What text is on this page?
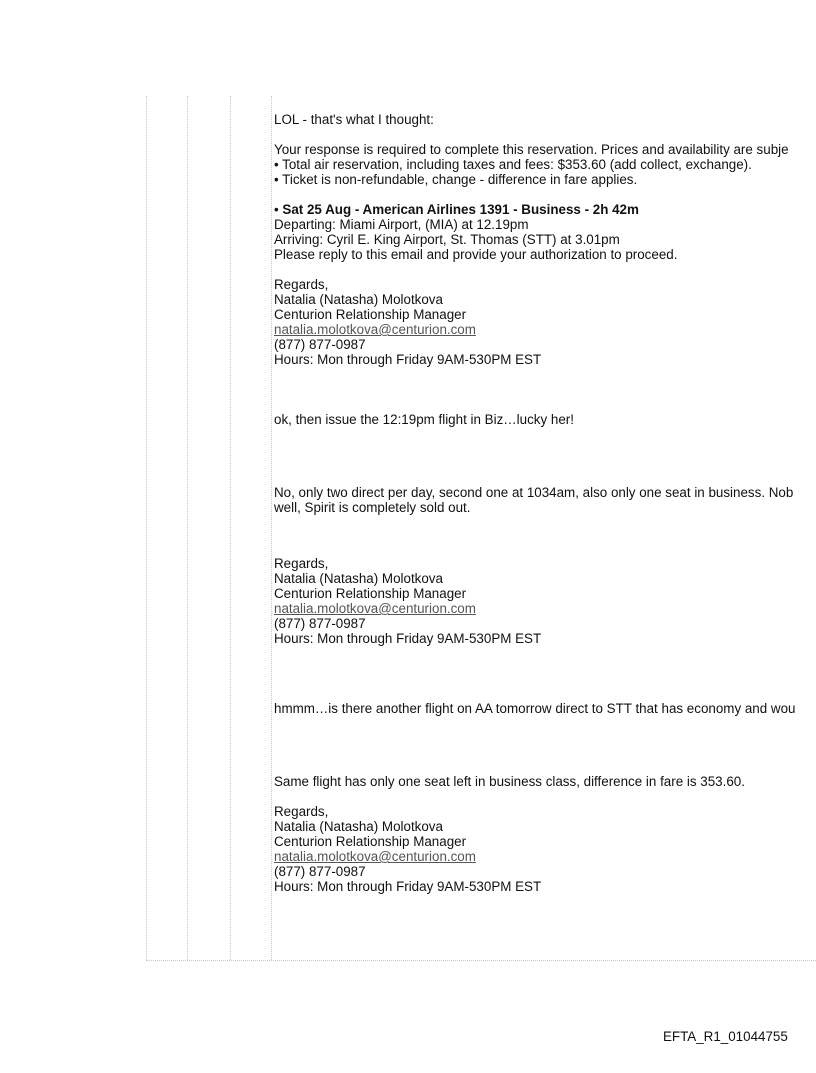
LOL - that's what I thought:
Your response is required to complete this reservation. Prices and availability are subje
• Total air reservation, including taxes and fees: $353.60 (add collect, exchange).
• Ticket is non-refundable, change - difference in fare applies.
• Sat 25 Aug - American Airlines 1391 - Business - 2h 42m
Departing: Miami Airport, (MIA) at 12.19pm
Arriving: Cyril E. King Airport, St. Thomas (STT) at 3.01pm
Please reply to this email and provide your authorization to proceed.
Regards,
Natalia (Natasha) Molotkova
Centurion Relationship Manager
natalia.molotkova@centurion.com
(877) 877-0987
Hours: Mon through Friday 9AM-530PM EST
ok, then issue the 12:19pm flight in Biz…lucky her!
No, only two direct per day, second one at 1034am, also only one seat in business. Nob
well, Spirit is completely sold out.
Regards,
Natalia (Natasha) Molotkova
Centurion Relationship Manager
natalia.molotkova@centurion.com
(877) 877-0987
Hours: Mon through Friday 9AM-530PM EST
hmmm…is there another flight on AA tomorrow direct to STT that has economy and wou
Same flight has only one seat left in business class, difference in fare is 353.60.
Regards,
Natalia (Natasha) Molotkova
Centurion Relationship Manager
natalia.molotkova@centurion.com
(877) 877-0987
Hours: Mon through Friday 9AM-530PM EST
EFTA_R1_01044755
